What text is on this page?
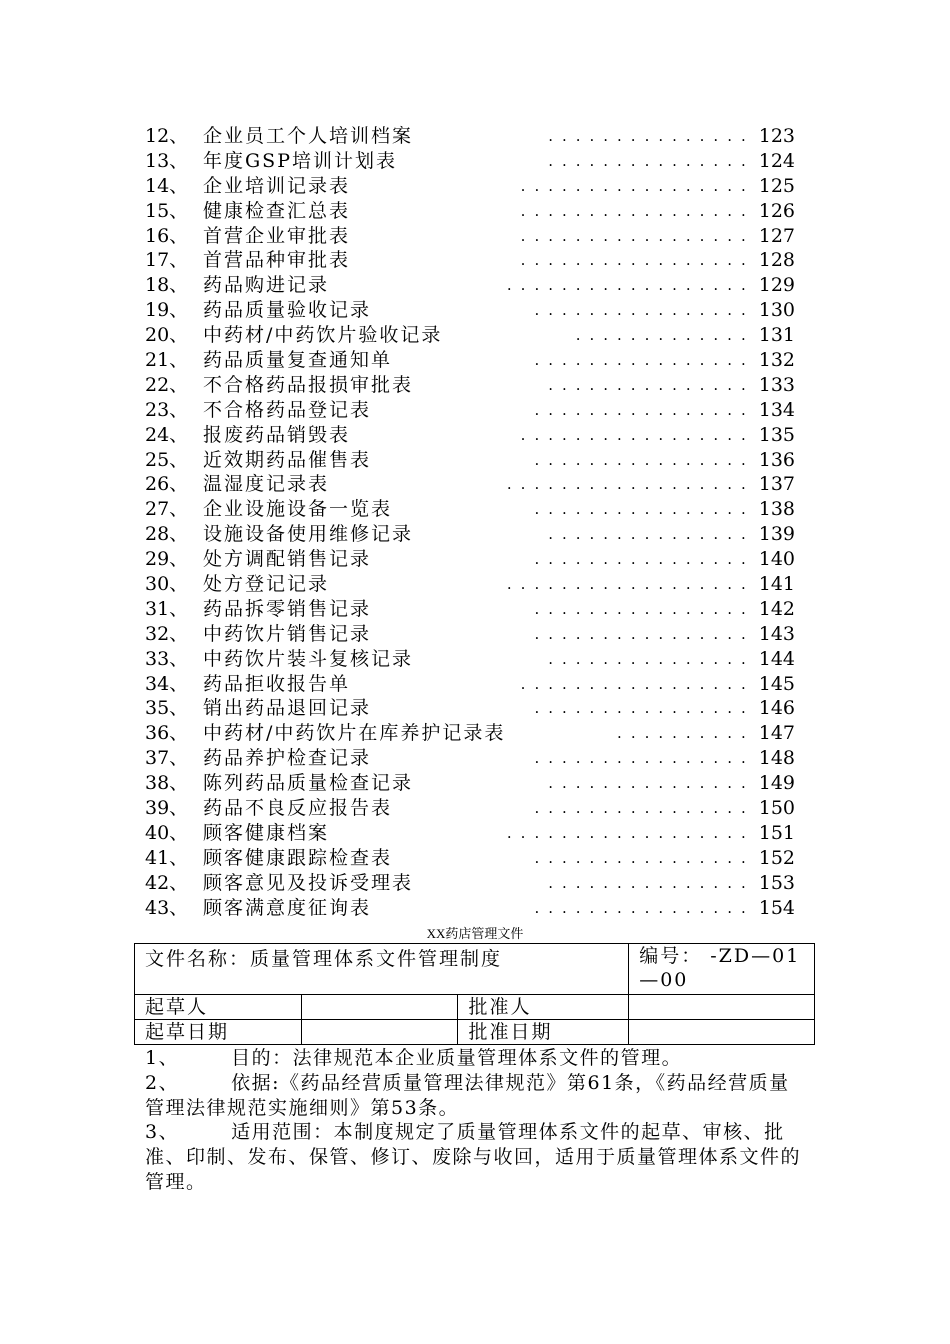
12、 企业员工个人培训档案	123
...............
13、 年度GSP培训计划表	124
...............
14、 企业培训记录表	125
.................
15、 健康检查汇总表	126
.................
16、 首营企业审批表	127
.................
17、 首营品种审批表	128
.................
18、 药品购进记录	129
..................
19、 药品质量验收记录	130
................
20、 中药材/中药饮片验收记录	131
.............
21、 药品质量复查通知单	132
................
22、 不合格药品报损审批表	133
...............
23、 不合格药品登记表	134
................
24、 报废药品销毁表	135
.................
25、 近效期药品催售表	136
................
26、 温湿度记录表	137
..................
27、 企业设施设备一览表	138
................
28、 设施设备使用维修记录	139
...............
29、 处方调配销售记录	140
................
30、 处方登记记录	141
..................
31、 药品拆零销售记录	142
................
32、 中药饮片销售记录	143
................
33、 中药饮片装斗复核记录	144
...............
34、 药品拒收报告单	145
.................
35、 销出药品退回记录	146
................
36、 中药材/中药饮片在库养护记录表	147
..........
37、 药品养护检查记录	148
................
38、 陈列药品质量检查记录	149
...............
39、 药品不良反应报告表	150
................
40、 顾客健康档案	151
..................
41、 顾客健康跟踪检查表	152
................
42、 顾客意见及投诉受理表	153
...............
43、 顾客满意度征询表	154
................
XX药店管理文件
文件名称：质量管理体系文件管理制度			编号： -ZD—01—00
起草人		批准人	
起草日期		批准日期	

1、	目的：法律规范本企业质量管理体系文件的管理。

2、	依据:《药品经营质量管理法律规范》第61条，《药品经营质量管理法律规范实施细则》第53条。

3、	适用范围：本制度规定了质量管理体系文件的起草、审核、批准、印制、发布、保管、修订、废除与收回，适用于质量管理体系文件的管理。
